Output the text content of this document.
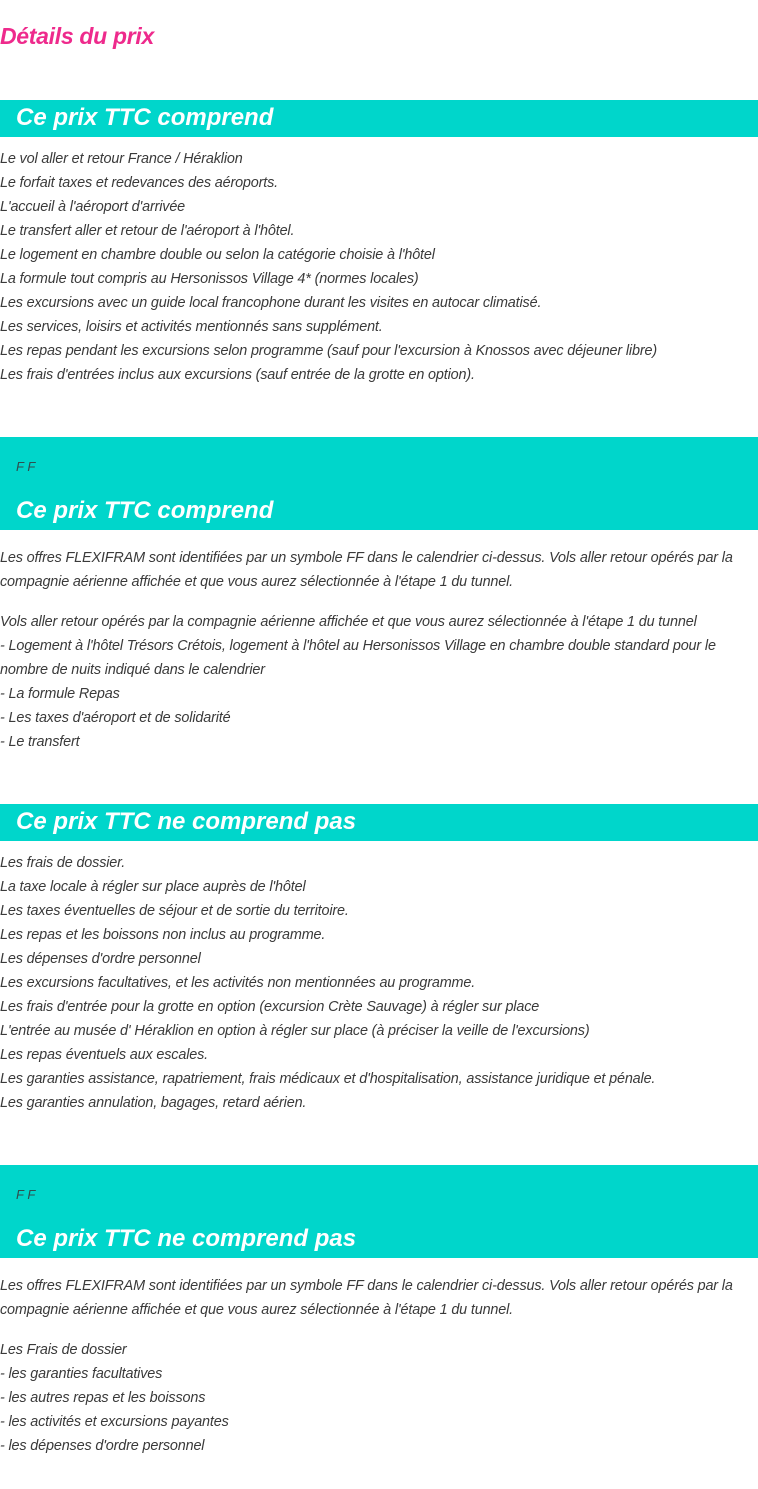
Détails du prix
Ce prix TTC comprend
Le vol aller et retour France / Héraklion
Le forfait taxes et redevances des aéroports.
L'accueil à l'aéroport d'arrivée
Le transfert aller et retour de l'aéroport à l'hôtel.
Le logement en chambre double ou selon la catégorie choisie à l'hôtel
La formule tout compris au Hersonissos Village 4* (normes locales)
Les excursions avec un guide local francophone durant les visites en autocar climatisé.
Les services, loisirs et activités mentionnés sans supplément.
Les repas pendant les excursions selon programme (sauf pour l'excursion à Knossos avec déjeuner libre)
Les frais d'entrées inclus aux excursions (sauf entrée de la grotte en option).
F F
Ce prix TTC comprend

Les offres FLEXIFRAM sont identifiées par un symbole FF dans le calendrier ci-dessus. Vols aller retour opérés par la compagnie aérienne affichée et que vous aurez sélectionnée à l'étape 1 du tunnel.

Vols aller retour opérés par la compagnie aérienne affichée et que vous aurez sélectionnée à l'étape 1 du tunnel
- Logement à l'hôtel Trésors Crétois, logement à l'hôtel au Hersonissos Village en chambre double standard pour le nombre de nuits indiqué dans le calendrier
- La formule Repas
- Les taxes d'aéroport et de solidarité
- Le transfert
Ce prix TTC ne comprend pas
Les frais de dossier.
La taxe locale à régler sur place auprès de l'hôtel
Les taxes éventuelles de séjour et de sortie du territoire.
Les repas et les boissons non inclus au programme.
Les dépenses d'ordre personnel
Les excursions facultatives, et les activités non mentionnées au programme.
Les frais d'entrée pour la grotte en option (excursion Crète Sauvage) à régler sur place
L'entrée au musée d' Héraklion en option à régler sur place (à préciser la veille de l'excursions)
Les repas éventuels aux escales.
Les garanties assistance, rapatriement, frais médicaux et d'hospitalisation, assistance juridique et pénale.
Les garanties annulation, bagages, retard aérien.
F F
Ce prix TTC ne comprend pas

Les offres FLEXIFRAM sont identifiées par un symbole FF dans le calendrier ci-dessus. Vols aller retour opérés par la compagnie aérienne affichée et que vous aurez sélectionnée à l'étape 1 du tunnel.

Les Frais de dossier
- les garanties facultatives
- les autres repas et les boissons
- les activités et excursions payantes
- les dépenses d'ordre personnel
